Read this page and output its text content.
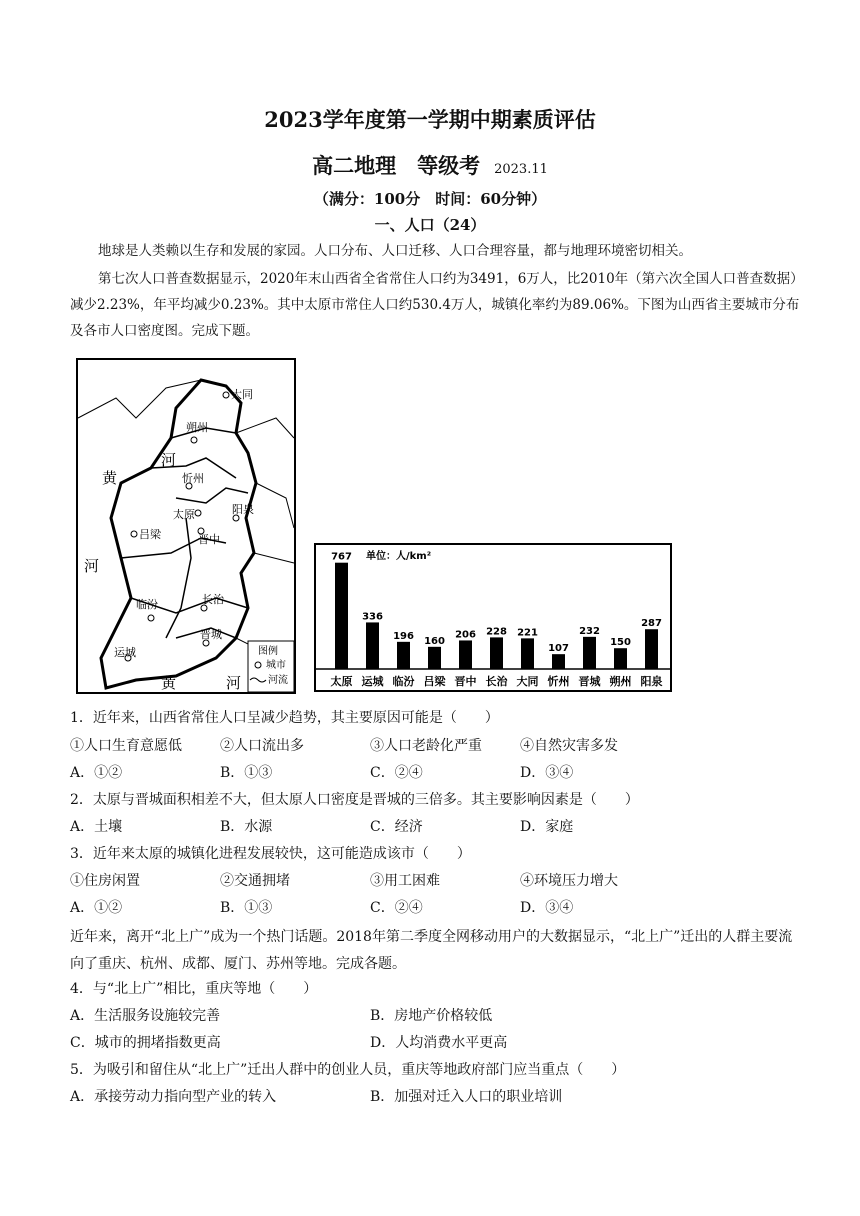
2023学年度第一学期中期素质评估
高二地理　等级考 2023.11
（满分：100分　时间：60分钟）
一、人口（24）
地球是人类赖以生存和发展的家园。人口分布、人口迁移、人口合理容量，都与地理环境密切相关。
第七次人口普查数据显示，2020年末山西省全省常住人口约为3491，6万人，比2010年（第六次全国人口普查数据）减少2.23%，年平均减少0.23%。其中太原市常住人口约530.4万人，城镇化率约为89.06%。下图为山西省主要城市分布及各市人口密度图。完成下题。
大同
朔州
忻州
太原	阳泉
吕梁	晋中
临汾	长治
晋城
运城
黄
河
河
黄	河
图例
城市
河流
单位：人/km²
767
太原
336
运城
196
临汾
160
吕梁
206
晋中
228
长治
221
大同
107
忻州
232
晋城
150
朔州
287
阳泉
1．近年来，山西省常住人口呈减少趋势，其主要原因可能是（　　）
①人口生育意愿低	②人口流出多	③人口老龄化严重	④自然灾害多发
A．①②	B．①③	C．②④	D．③④
2．太原与晋城面积相差不大，但太原人口密度是晋城的三倍多。其主要影响因素是（　　）
A．土壤	B．水源	C．经济	D．家庭
3．近年来太原的城镇化进程发展较快，这可能造成该市（　　）
①住房闲置	②交通拥堵	③用工困难	④环境压力增大
A．①②	B．①③	C．②④	D．③④
近年来，离开“北上广”成为一个热门话题。2018年第二季度全网移动用户的大数据显示，“北上广”迁出的人群主要流向了重庆、杭州、成都、厦门、苏州等地。完成各题。
4．与“北上广”相比，重庆等地（　　）
A．生活服务设施较完善	B．房地产价格较低
C．城市的拥堵指数更高	D．人均消费水平更高
5．为吸引和留住从“北上广”迁出人群中的创业人员，重庆等地政府部门应当重点（　　）
A．承接劳动力指向型产业的转入	B．加强对迁入人口的职业培训
